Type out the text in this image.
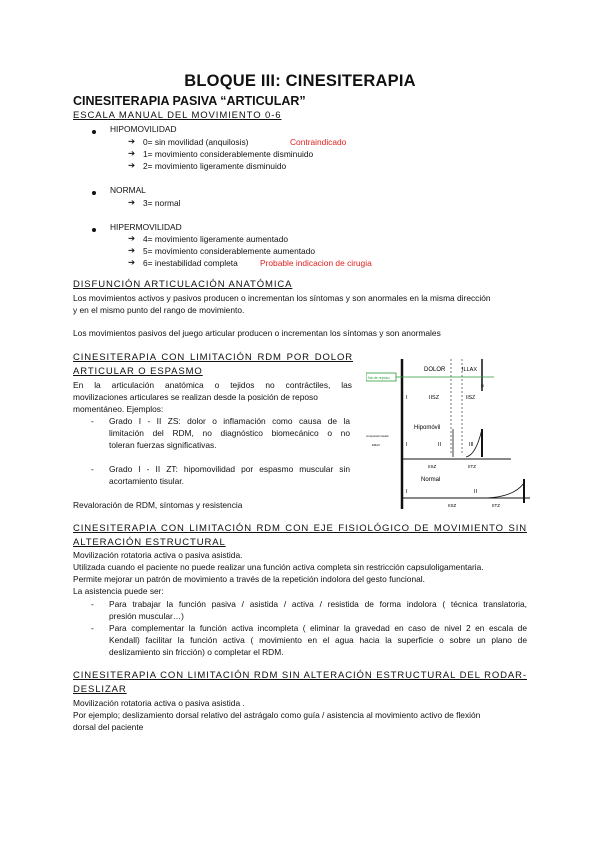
BLOQUE III: CINESITERAPIA
CINESITERAPIA PASIVA “ARTICULAR”
ESCALA MANUAL DEL MOVIMIENTO 0-6
HIPOMOVILIDAD
➔ 0= sin movilidad (anquilosis)	Contraindicado
➔ 1= movimiento considerablemente disminuido
➔ 2= movimiento ligeramente disminuido
NORMAL
➔ 3= normal
HIPERMOVILIDAD
➔ 4= movimiento ligeramente aumentado
➔ 5= movimiento considerablemente aumentado
➔ 6= inestabilidad completa	Probable indicacion de cirugia
DISFUNCIÓN ARTICULACIÓN ANATÓMICA
Los movimientos activos y pasivos producen o incrementan los síntomas y son anormales en la misma dirección
y en el mismo punto del rango de movimiento.
Los movimientos pasivos del juego articular producen o incrementan los síntomas y son anormales
CINESITERAPIA CON LIMITACIÓN RDM POR DOLOR
ARTICULAR O ESPASMO
En la articulación anatómica o tejidos no contráctiles, las
movilizaciones articulares se realizan desde la posición de reposo
momentáneo. Ejemplos:
- Grado I - II ZS: dolor o inflamación como causa de la
limitación del RDM, no diagnóstico biomecánico o no
toleran fuerzas significativas.
- Grado I - II ZT: hipomovilidad por espasmo muscular sin
acortamiento tisular.
Revaloración de RDM, síntomas y resistencia
Na de reposo
DOLOR	ILLAX
III
I	IISZ	IISZ
Hipomóvil
I	II	III
compresión tisular
EMAX
IISZ	IITZ
Normal
I	II
IISZ	IITZ
CINESITERAPIA CON LIMITACIÓN RDM CON EJE FISIOLÓGICO DE MOVIMIENTO SIN
ALTERACIÓN ESTRUCTURAL
Movilización rotatoria activa o pasiva asistida.
Utilizada cuando el paciente no puede realizar una función activa completa sin restricción capsuloligamentaria.
Permite mejorar un patrón de movimiento a través de la repetición indolora del gesto funcional.
La asistencia puede ser:
- Para trabajar la función pasiva / asistida / activa / resistida de forma indolora ( técnica translatoria,
presión muscular…)
- Para complementar la función activa incompleta ( eliminar la gravedad en caso de nivel 2 en escala de
Kendall) facilitar la función activa ( movimiento en el agua hacia la superficie o sobre un plano de
deslizamiento sin fricción) o completar el RDM.
CINESITERAPIA CON LIMITACIÓN RDM SIN ALTERACIÓN ESTRUCTURAL DEL RODAR-
DESLIZAR
Movilización rotatoria activa o pasiva asistida .
Por ejemplo; deslizamiento dorsal relativo del astrágalo como guía / asistencia al movimiento activo de flexión
dorsal del paciente
